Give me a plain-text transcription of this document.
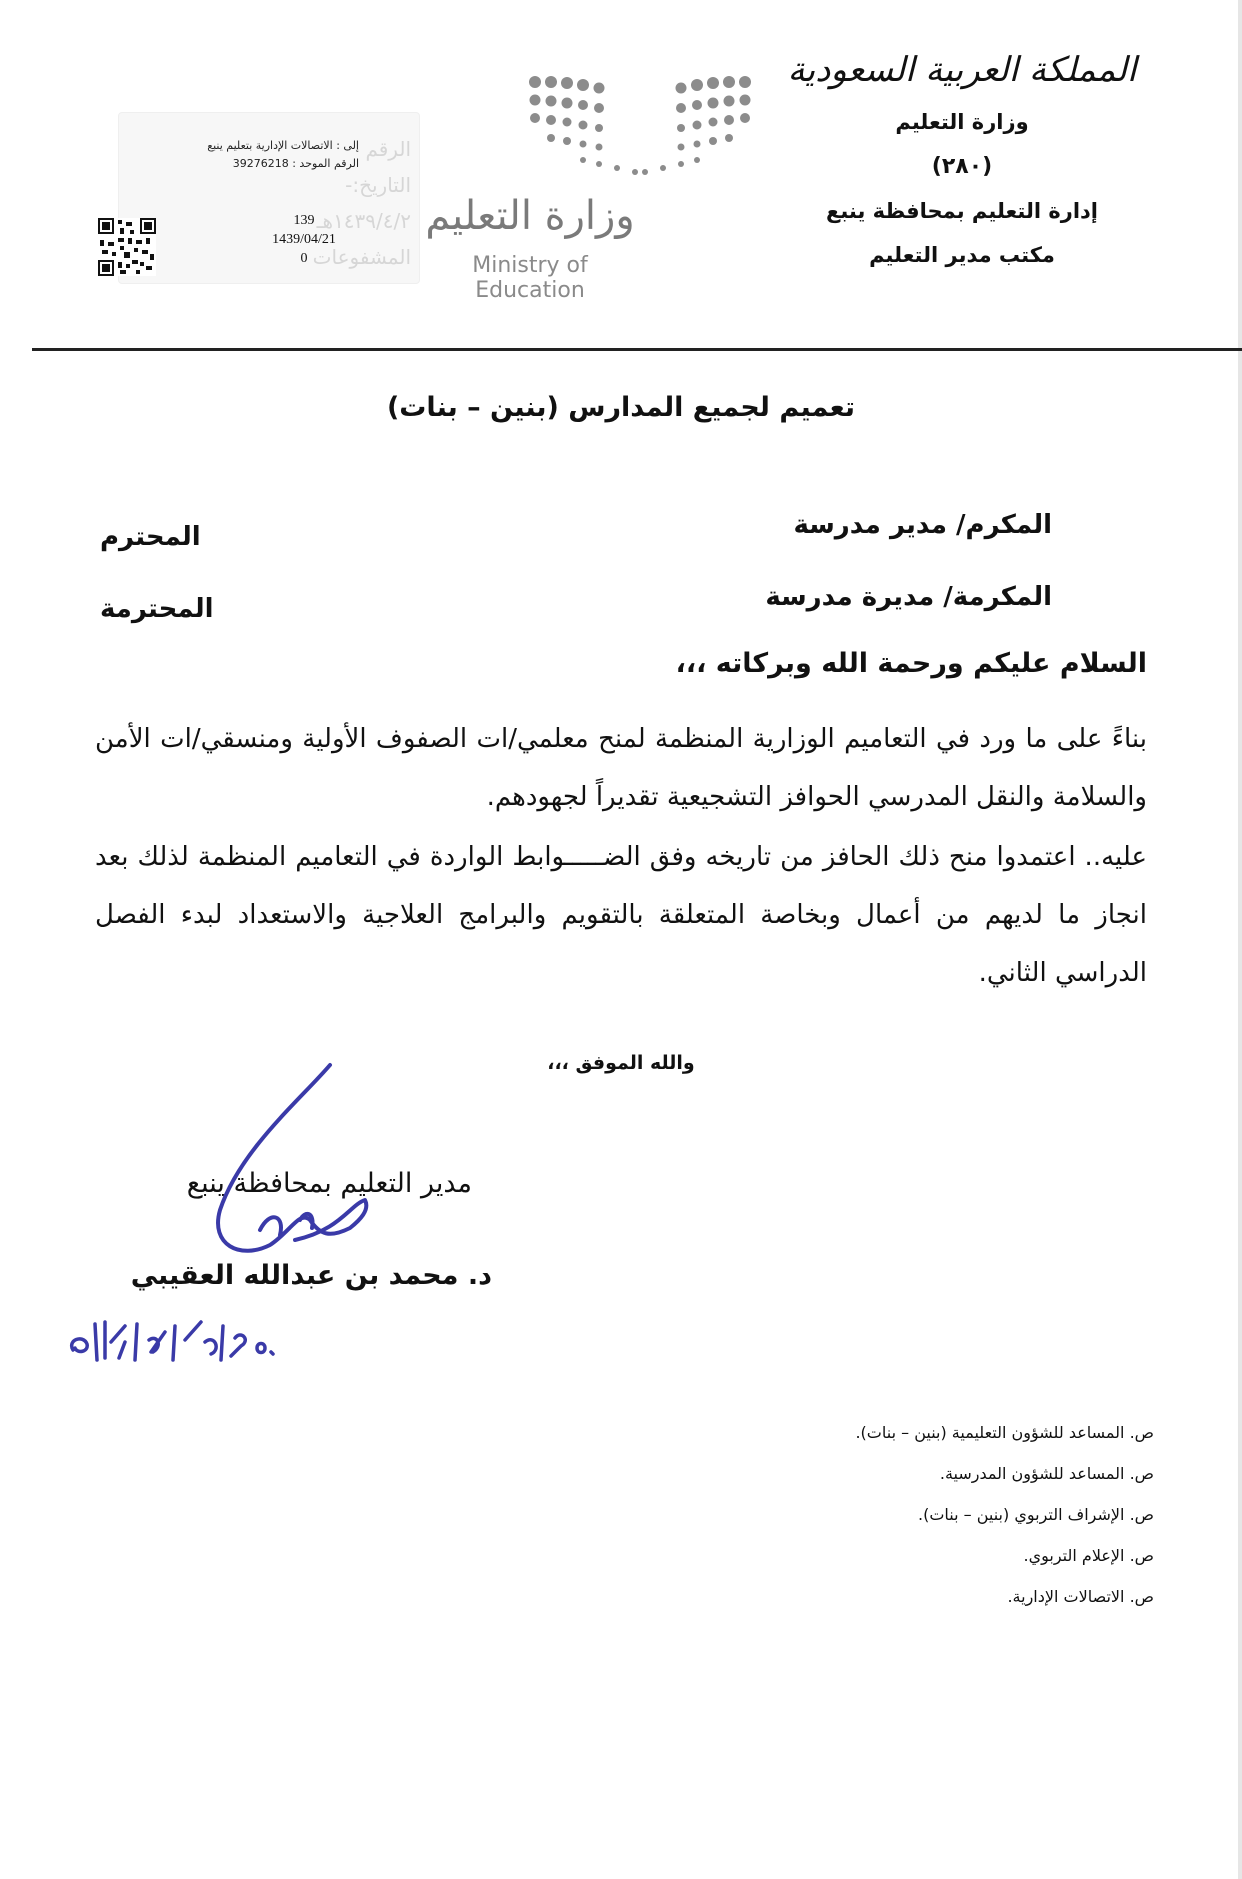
المملكة العربية السعودية
وزارة التعليم
(٢٨٠)
إدارة التعليم بمحافظة ينبع
مكتب مدير التعليم
وزارة التعليم
Ministry of Education
الرقم
التاريخ:- ١٤٣٩/٤/٢هـ
المشفوعات
إلى : الاتصالات الإدارية بتعليم ينبع
الرقم الموحد : 39276218
139
1439/04/21
0
تعميم لجميع المدارس (بنين – بنات)
المكرم/ مدير مدرسة
المحترم
المكرمة/ مديرة مدرسة
المحترمة
السلام عليكم ورحمة الله وبركاته ،،،
بناءً على ما ورد في التعاميم الوزارية المنظمة لمنح معلمي/ات الصفوف الأولية ومنسقي/ات الأمن والسلامة والنقل المدرسي الحوافز التشجيعية تقديراً لجهودهم.
عليه.. اعتمدوا منح ذلك الحافز من تاريخه وفق الضـــــوابط الواردة في التعاميم المنظمة لذلك بعد انجاز ما لديهم من أعمال وبخاصة المتعلقة بالتقويم والبرامج العلاجية والاستعداد لبدء الفصل الدراسي الثاني.
والله الموفق ،،،
مدير التعليم بمحافظة ينبع
د. محمد بن عبدالله العقيبي
ص. المساعد للشؤون التعليمية (بنين – بنات).
ص. المساعد للشؤون المدرسية.
ص. الإشراف التربوي (بنين – بنات).
ص. الإعلام التربوي.
ص. الاتصالات الإدارية.
